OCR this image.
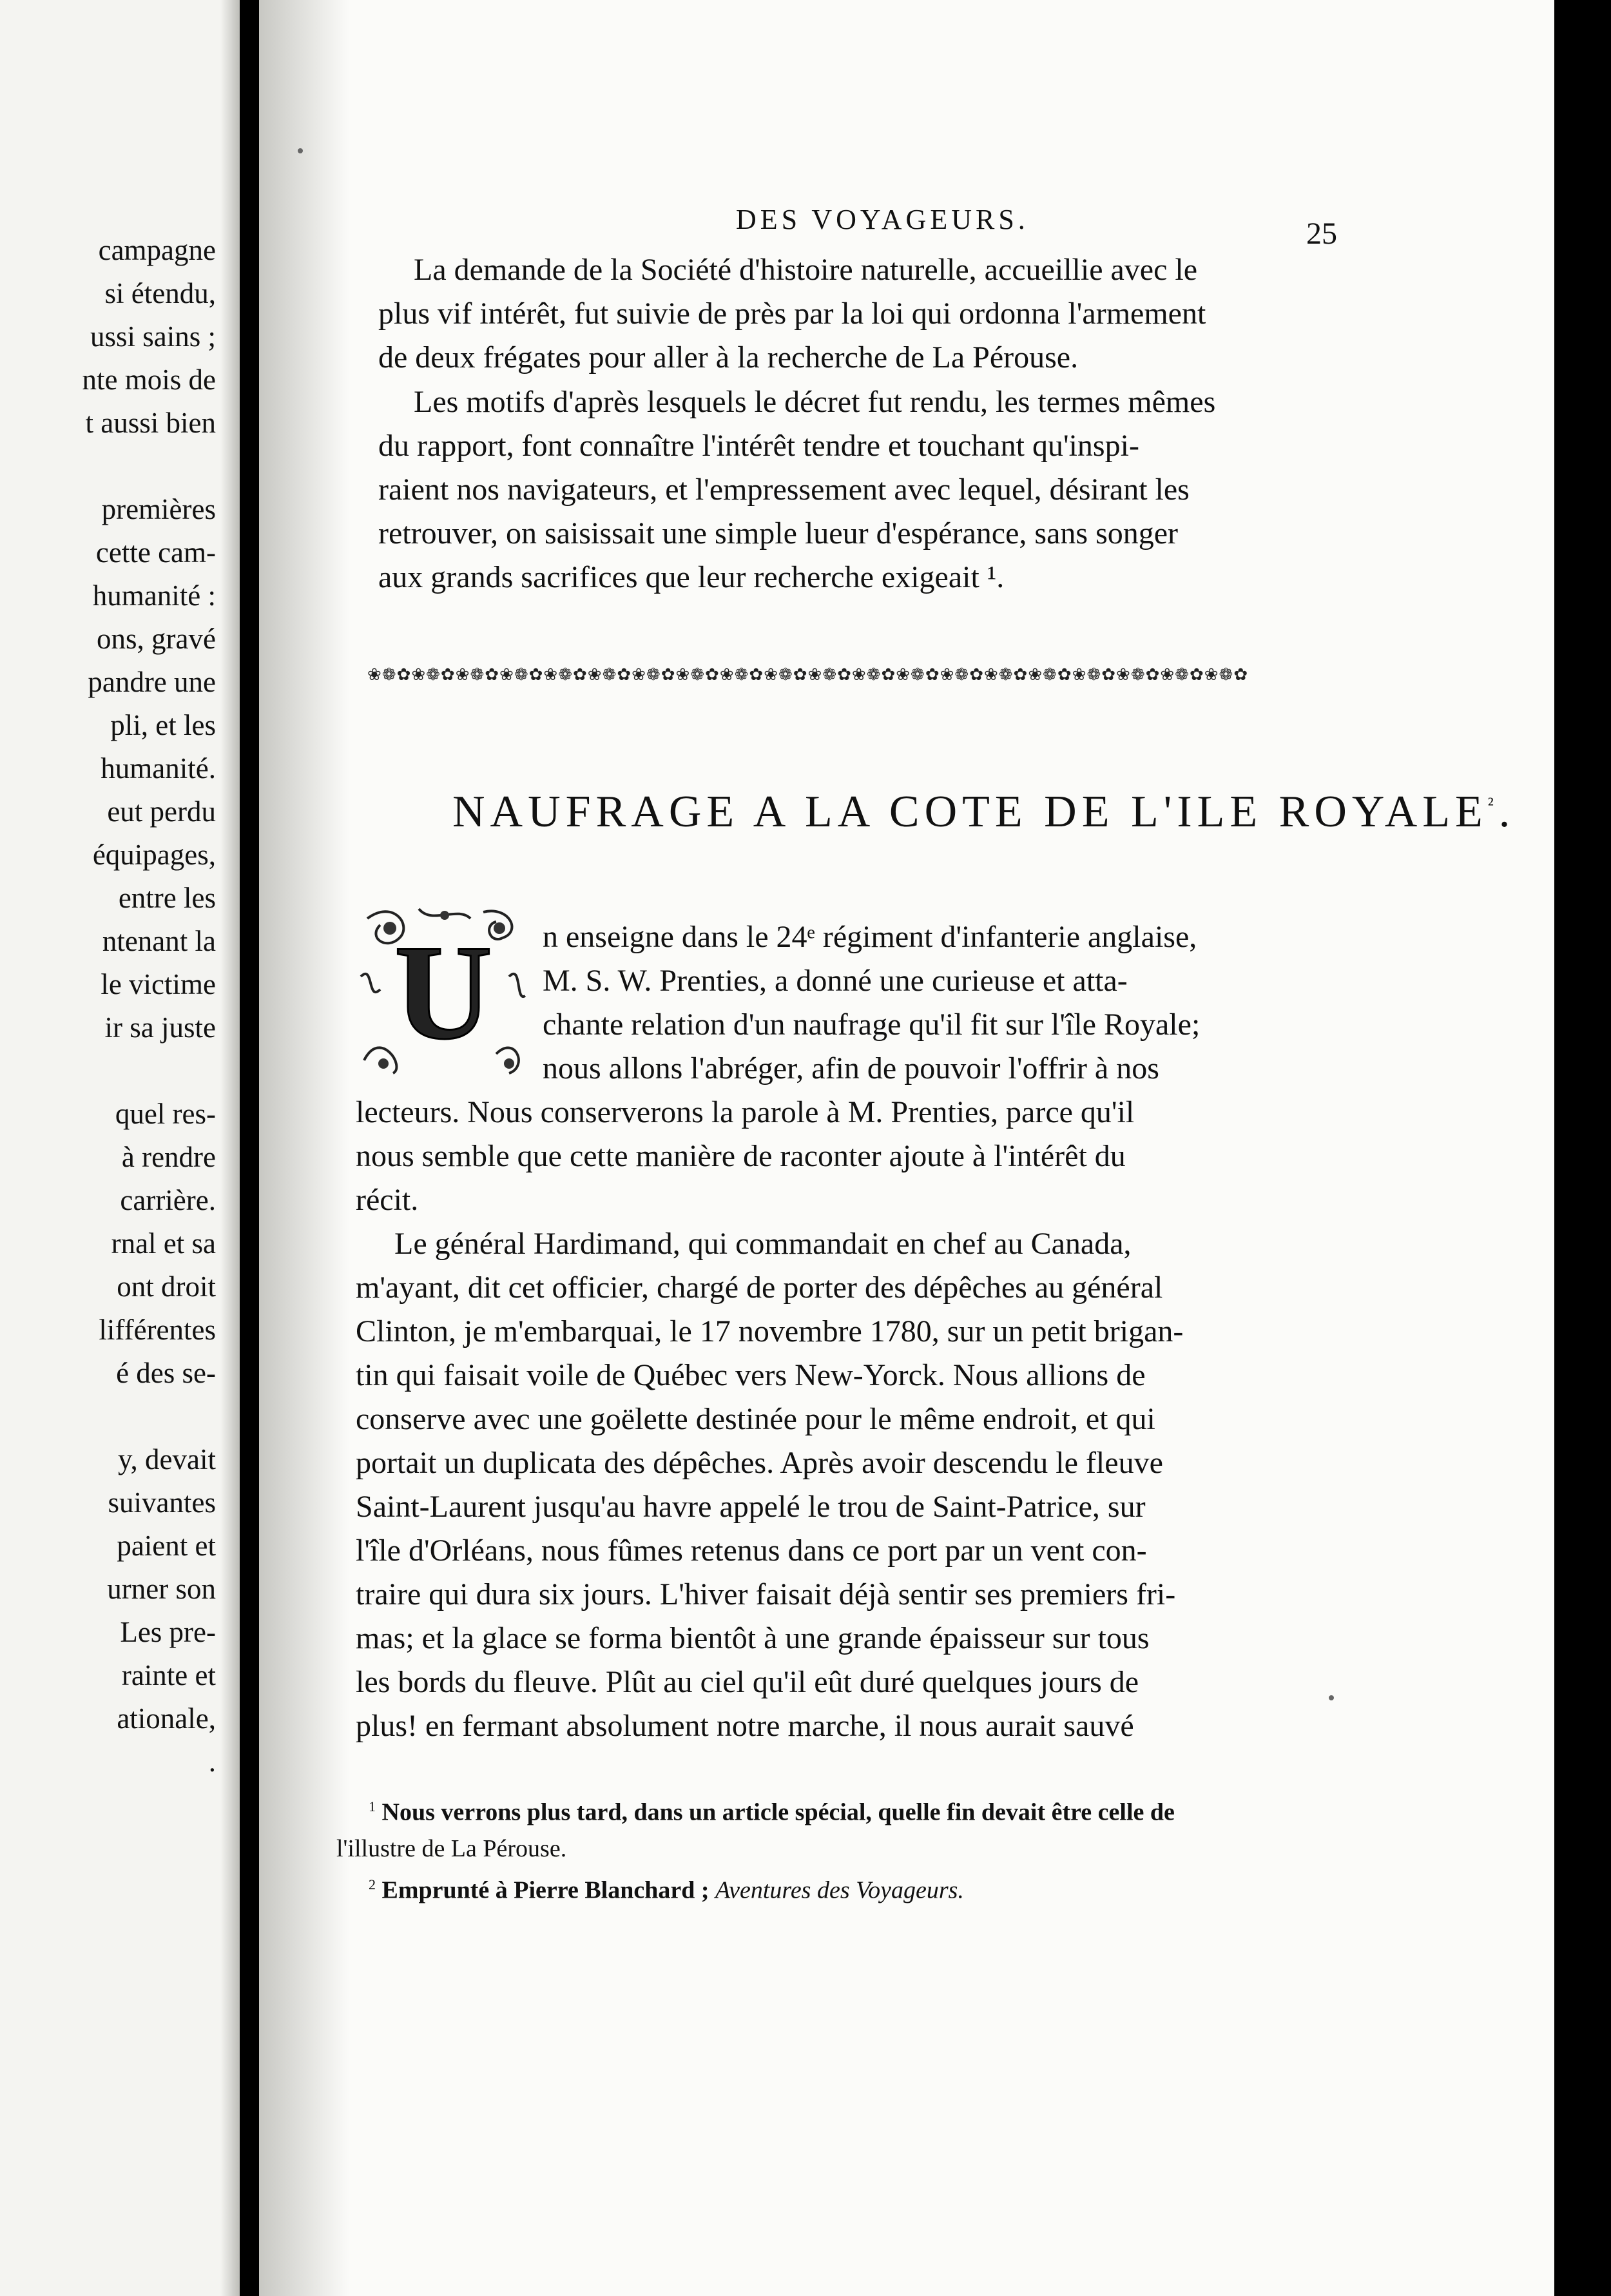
campagne
si étendu,
ussi sains ;
nte mois de
t aussi bien
premières
cette cam-
humanité :
ons, gravé
pandre une
pli, et les
humanité.
eut perdu
équipages,
entre les
ntenant la
le victime
ir sa juste
quel res-
à rendre
carrière.
rnal et sa
ont droit
lifférentes
é des se-
y, devait
suivantes
paient et
urner son
Les pre-
rainte et
ationale,
.
DES VOYAGEURS.	25
La demande de la Société d'histoire naturelle, accueillie avec le
plus vif intérêt, fut suivie de près par la loi qui ordonna l'armement
de deux frégates pour aller à la recherche de La Pérouse.
Les motifs d'après lesquels le décret fut rendu, les termes mêmes
du rapport, font connaître l'intérêt tendre et touchant qu'inspi-
raient nos navigateurs, et l'empressement avec lequel, désirant les
retrouver, on saisissait une simple lueur d'espérance, sans songer
aux grands sacrifices que leur recherche exigeait ¹.
❀❁✿❀❁✿❀❁✿❀❁✿❀❁✿❀❁✿❀❁✿❀❁✿❀❁✿❀❁✿❀❁✿❀❁✿❀❁✿❀❁✿❀❁✿❀❁✿❀❁✿❀❁✿❀❁✿❀❁✿
NAUFRAGE A LA COTE DE L'ILE $ROYALE^{^2}$.
U n enseigne dans le 24ᵉ régiment d'infanterie anglaise,
M. S. W. Prenties, a donné une curieuse et atta-
chante relation d'un naufrage qu'il fit sur l'île Royale;
nous allons l'abréger, afin de pouvoir l'offrir à nos
lecteurs. Nous conserverons la parole à M. Prenties, parce qu'il
nous semble que cette manière de raconter ajoute à l'intérêt du
récit.
Le général Hardimand, qui commandait en chef au Canada,
m'ayant, dit cet officier, chargé de porter des dépêches au général
Clinton, je m'embarquai, le 17 novembre 1780, sur un petit brigan-
tin qui faisait voile de Québec vers New-Yorck. Nous allions de
conserve avec une goëlette destinée pour le même endroit, et qui
portait un duplicata des dépêches. Après avoir descendu le fleuve
Saint-Laurent jusqu'au havre appelé le trou de Saint-Patrice, sur
l'île d'Orléans, nous fûmes retenus dans ce port par un vent con-
traire qui dura six jours. L'hiver faisait déjà sentir ses premiers fri-
mas; et la glace se forma bientôt à une grande épaisseur sur tous
les bords du fleuve. Plût au ciel qu'il eût duré quelques jours de
plus! en fermant absolument notre marche, il nous aurait sauvé
$^1$ Nous verrons plus tard, dans un article spécial, quelle fin devait être celle de
l'illustre de La Pérouse.
$^2$ Emprunté à Pierre Blanchard ; Aventures des Voyageurs.
